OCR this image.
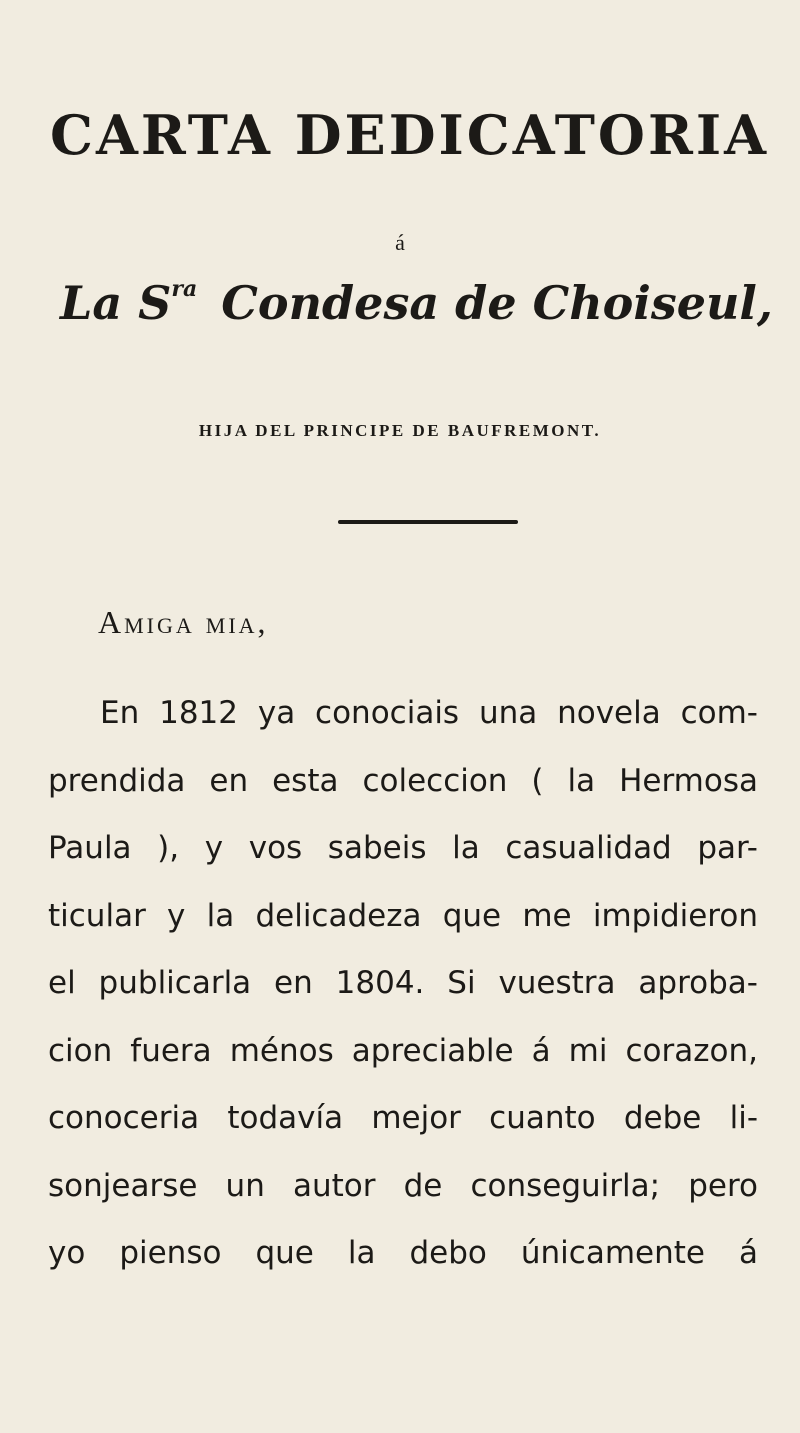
CARTA DEDICATORIA
á
La $S^{ra}$ Condesa de Choiseul,
HIJA DEL PRINCIPE DE BAUFREMONT.
Amiga mia,
En 1812 ya conociais una novela com-
prendida en esta coleccion ( la Hermosa
Paula ), y vos sabeis la casualidad par-
ticular y la delicadeza que me impidieron
el publicarla en 1804. Si vuestra aproba-
cion fuera ménos apreciable á mi corazon,
conoceria todavía mejor cuanto debe li-
sonjearse un autor de conseguirla; pero
yo pienso que la debo únicamente á
